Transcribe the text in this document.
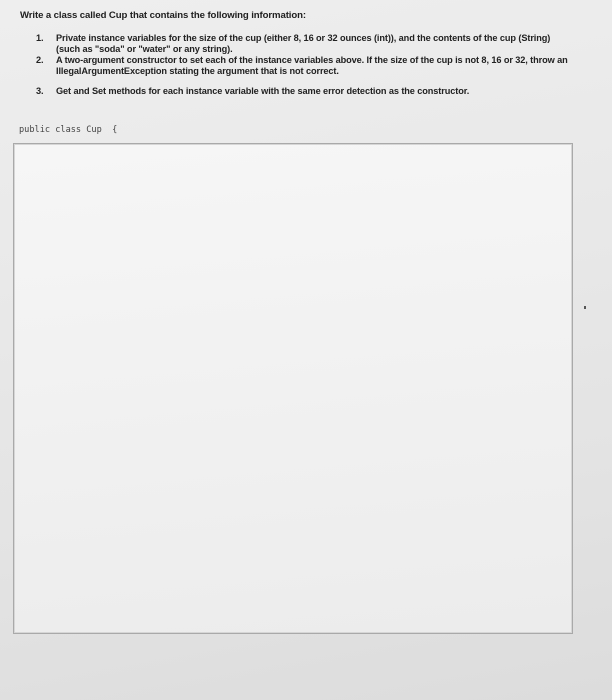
Write a class called Cup that contains the following information:
1. Private instance variables for the size of the cup (either 8, 16 or 32 ounces (int)), and the contents of the cup (String) (such as "soda" or "water" or any string).
2. A two-argument constructor to set each of the instance variables above. If the size of the cup is not 8, 16 or 32, throw an IllegalArgumentException stating the argument that is not correct.
3. Get and Set methods for each instance variable with the same error detection as the constructor.
public class Cup  {
